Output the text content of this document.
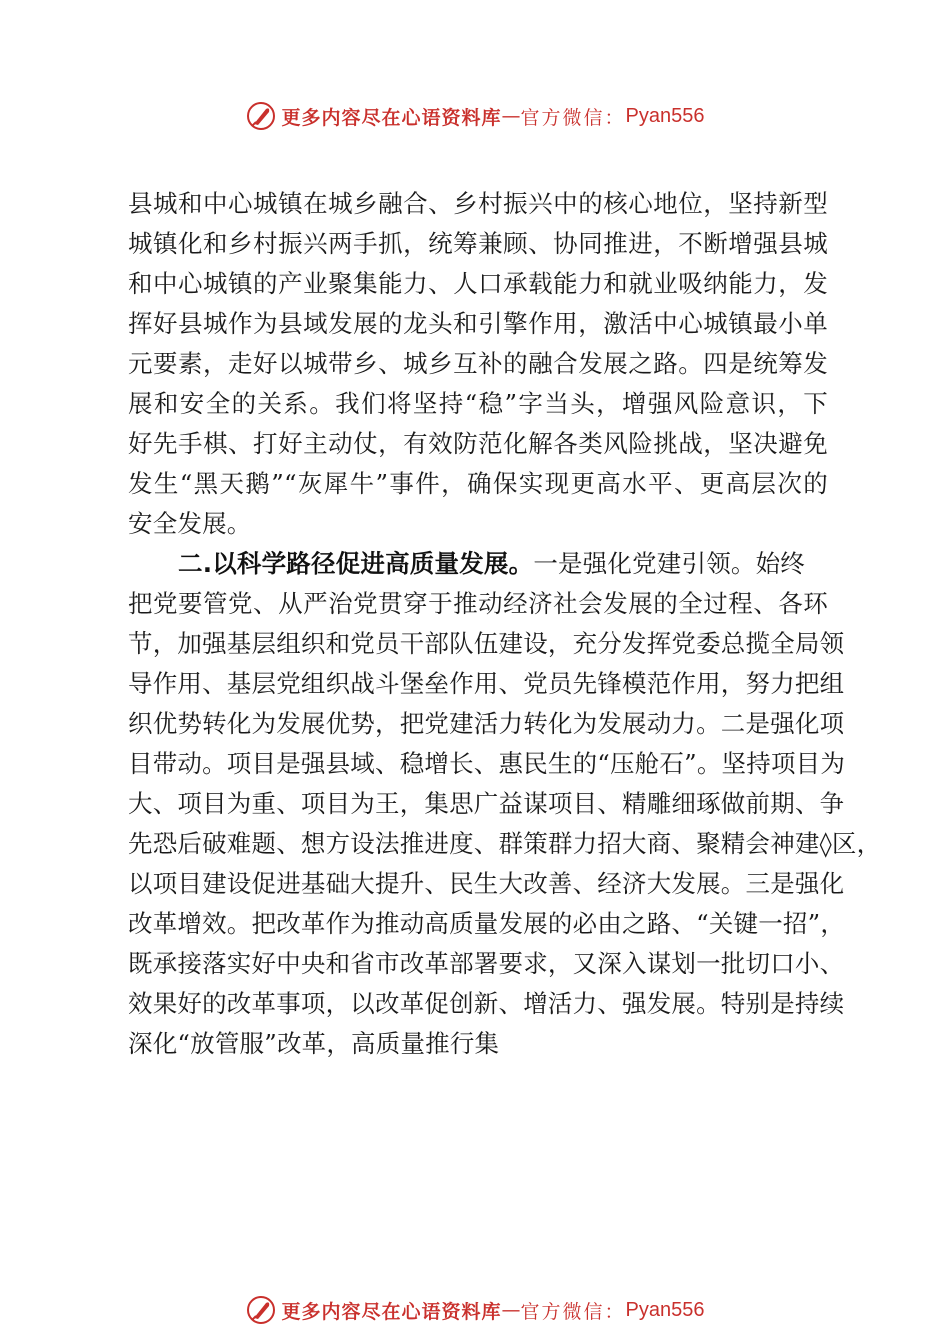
更多内容尽在心语资料库 — 官方微信： Pyan556
县城和中心城镇在城乡融合、乡村振兴中的核心地位，坚持新型
城镇化和乡村振兴两手抓，统筹兼顾、协同推进，不断增强县城
和中心城镇的产业聚集能力、人口承载能力和就业吸纳能力，发
挥好县城作为县域发展的龙头和引擎作用，激活中心城镇最小单
元要素，走好以城带乡、城乡互补的融合发展之路。四是统筹发
展和安全的关系。我们将坚持“稳”字当头，增强风险意识，下
好先手棋、打好主动仗，有效防范化解各类风险挑战，坚决避免
发生“黑天鹅”“灰犀牛”事件，确保实现更高水平、更高层次的
安全发展。
二.以科学路径促进高质量发展。一是强化党建引领。始终
把党要管党、从严治党贯穿于推动经济社会发展的全过程、各环
节，加强基层组织和党员干部队伍建设，充分发挥党委总揽全局领
导作用、基层党组织战斗堡垒作用、党员先锋模范作用，努力把组
织优势转化为发展优势，把党建活力转化为发展动力。二是强化项
目带动。项目是强县域、稳增长、惠民生的“压舱石”。坚持项目为
大、项目为重、项目为王，集思广益谋项目、精雕细琢做前期、争
先恐后破难题、想方设法推进度、群策群力招大商、聚精会神建◊区，
以项目建设促进基础大提升、民生大改善、经济大发展。三是强化
改革增效。把改革作为推动高质量发展的必由之路、“关键一招”，
既承接落实好中央和省市改革部署要求，又深入谋划一批切口小、
效果好的改革事项，以改革促创新、增活力、强发展。特别是持续
深化“放管服”改革，高质量推行集
更多内容尽在心语资料库 — 官方微信： Pyan556
